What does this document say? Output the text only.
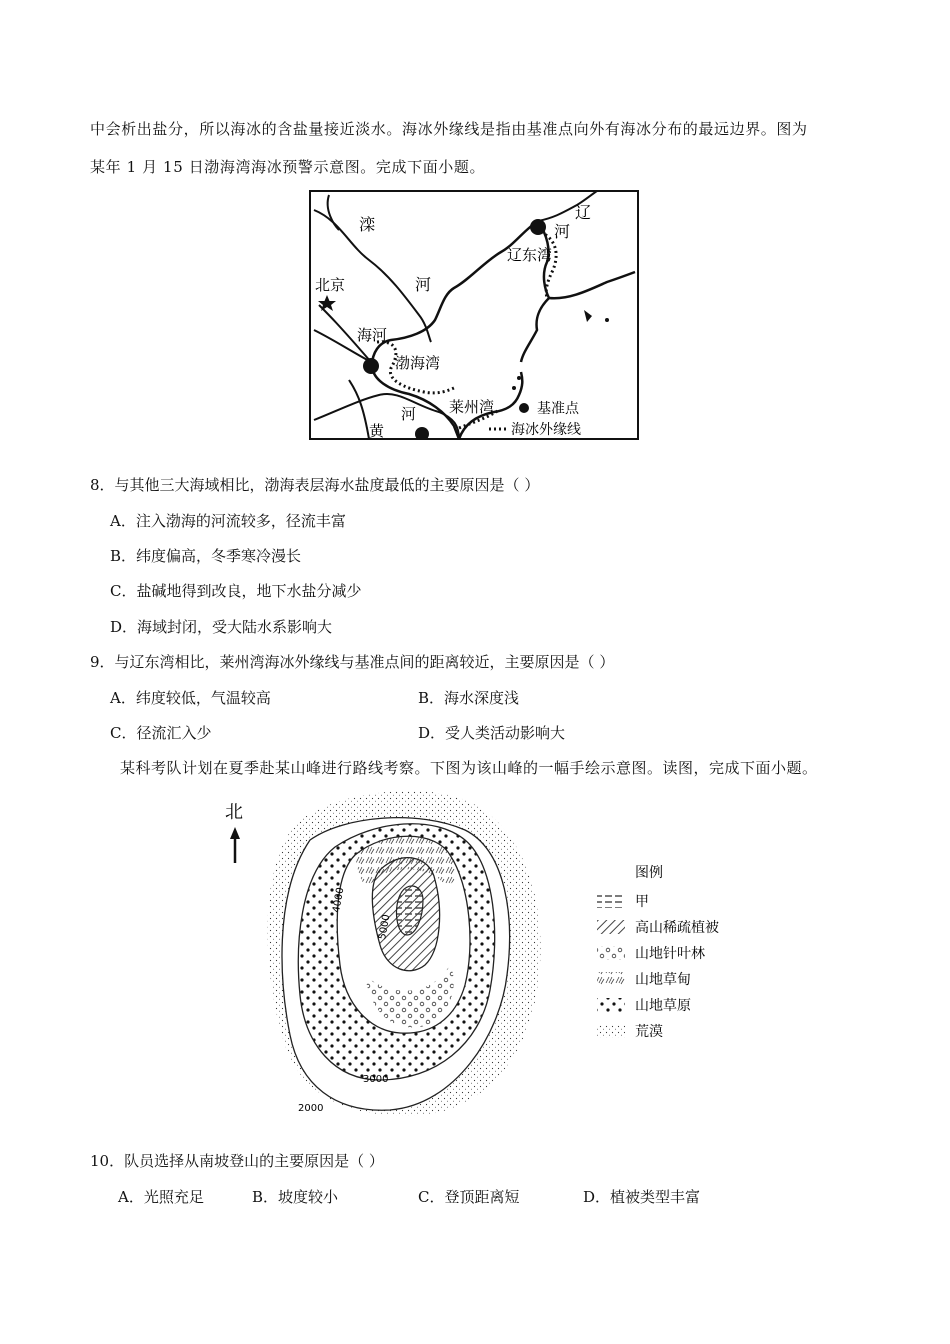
中会析出盐分，所以海冰的含盐量接近淡水。海冰外缘线是指由基准点向外有海冰分布的最远边界。图为
某年 1 月 15 日渤海湾海冰预警示意图。完成下面小题。
滦
河
辽
河
辽东湾
北京
海河
渤海湾
莱州湾
河
黄
基准点
海冰外缘线
8．与其他三大海域相比，渤海表层海水盐度最低的主要原因是（ ）
A．注入渤海的河流较多，径流丰富
B．纬度偏高，冬季寒冷漫长
C．盐碱地得到改良，地下水盐分减少
D．海域封闭，受大陆水系影响大
9．与辽东湾相比，莱州湾海冰外缘线与基准点间的距离较近，主要原因是（ ）
A．纬度较低，气温较高	B．海水深度浅
C．径流汇入少	D．受人类活动影响大
某科考队计划在夏季赴某山峰进行路线考察。下图为该山峰的一幅手绘示意图。读图，完成下面小题。
北
4000
5000
3000
2000
图例
甲
高山稀疏植被
山地针叶林
山地草甸
山地草原
荒漠
10．队员选择从南坡登山的主要原因是（ ）
A．光照充足	B．坡度较小	C．登顶距离短	D．植被类型丰富
